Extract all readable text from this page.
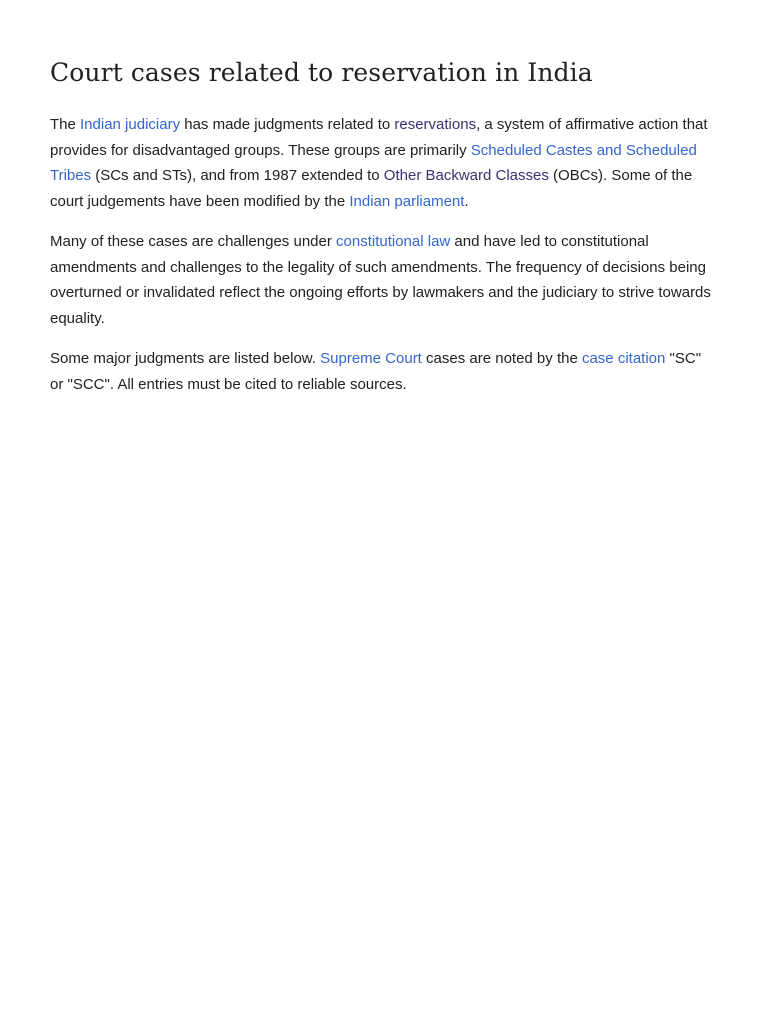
Court cases related to reservation in India

The Indian judiciary has made judgments related to reservations, a system of affirmative action that provides for disadvantaged groups. These groups are primarily Scheduled Castes and Scheduled Tribes (SCs and STs), and from 1987 extended to Other Backward Classes (OBCs). Some of the court judgements have been modified by the Indian parliament.

Many of these cases are challenges under constitutional law and have led to constitutional amendments and challenges to the legality of such amendments. The frequency of decisions being overturned or invalidated reflect the ongoing efforts by lawmakers and the judiciary to strive towards equality.

Some major judgments are listed below. Supreme Court cases are noted by the case citation "SC" or "SCC". All entries must be cited to reliable sources.
